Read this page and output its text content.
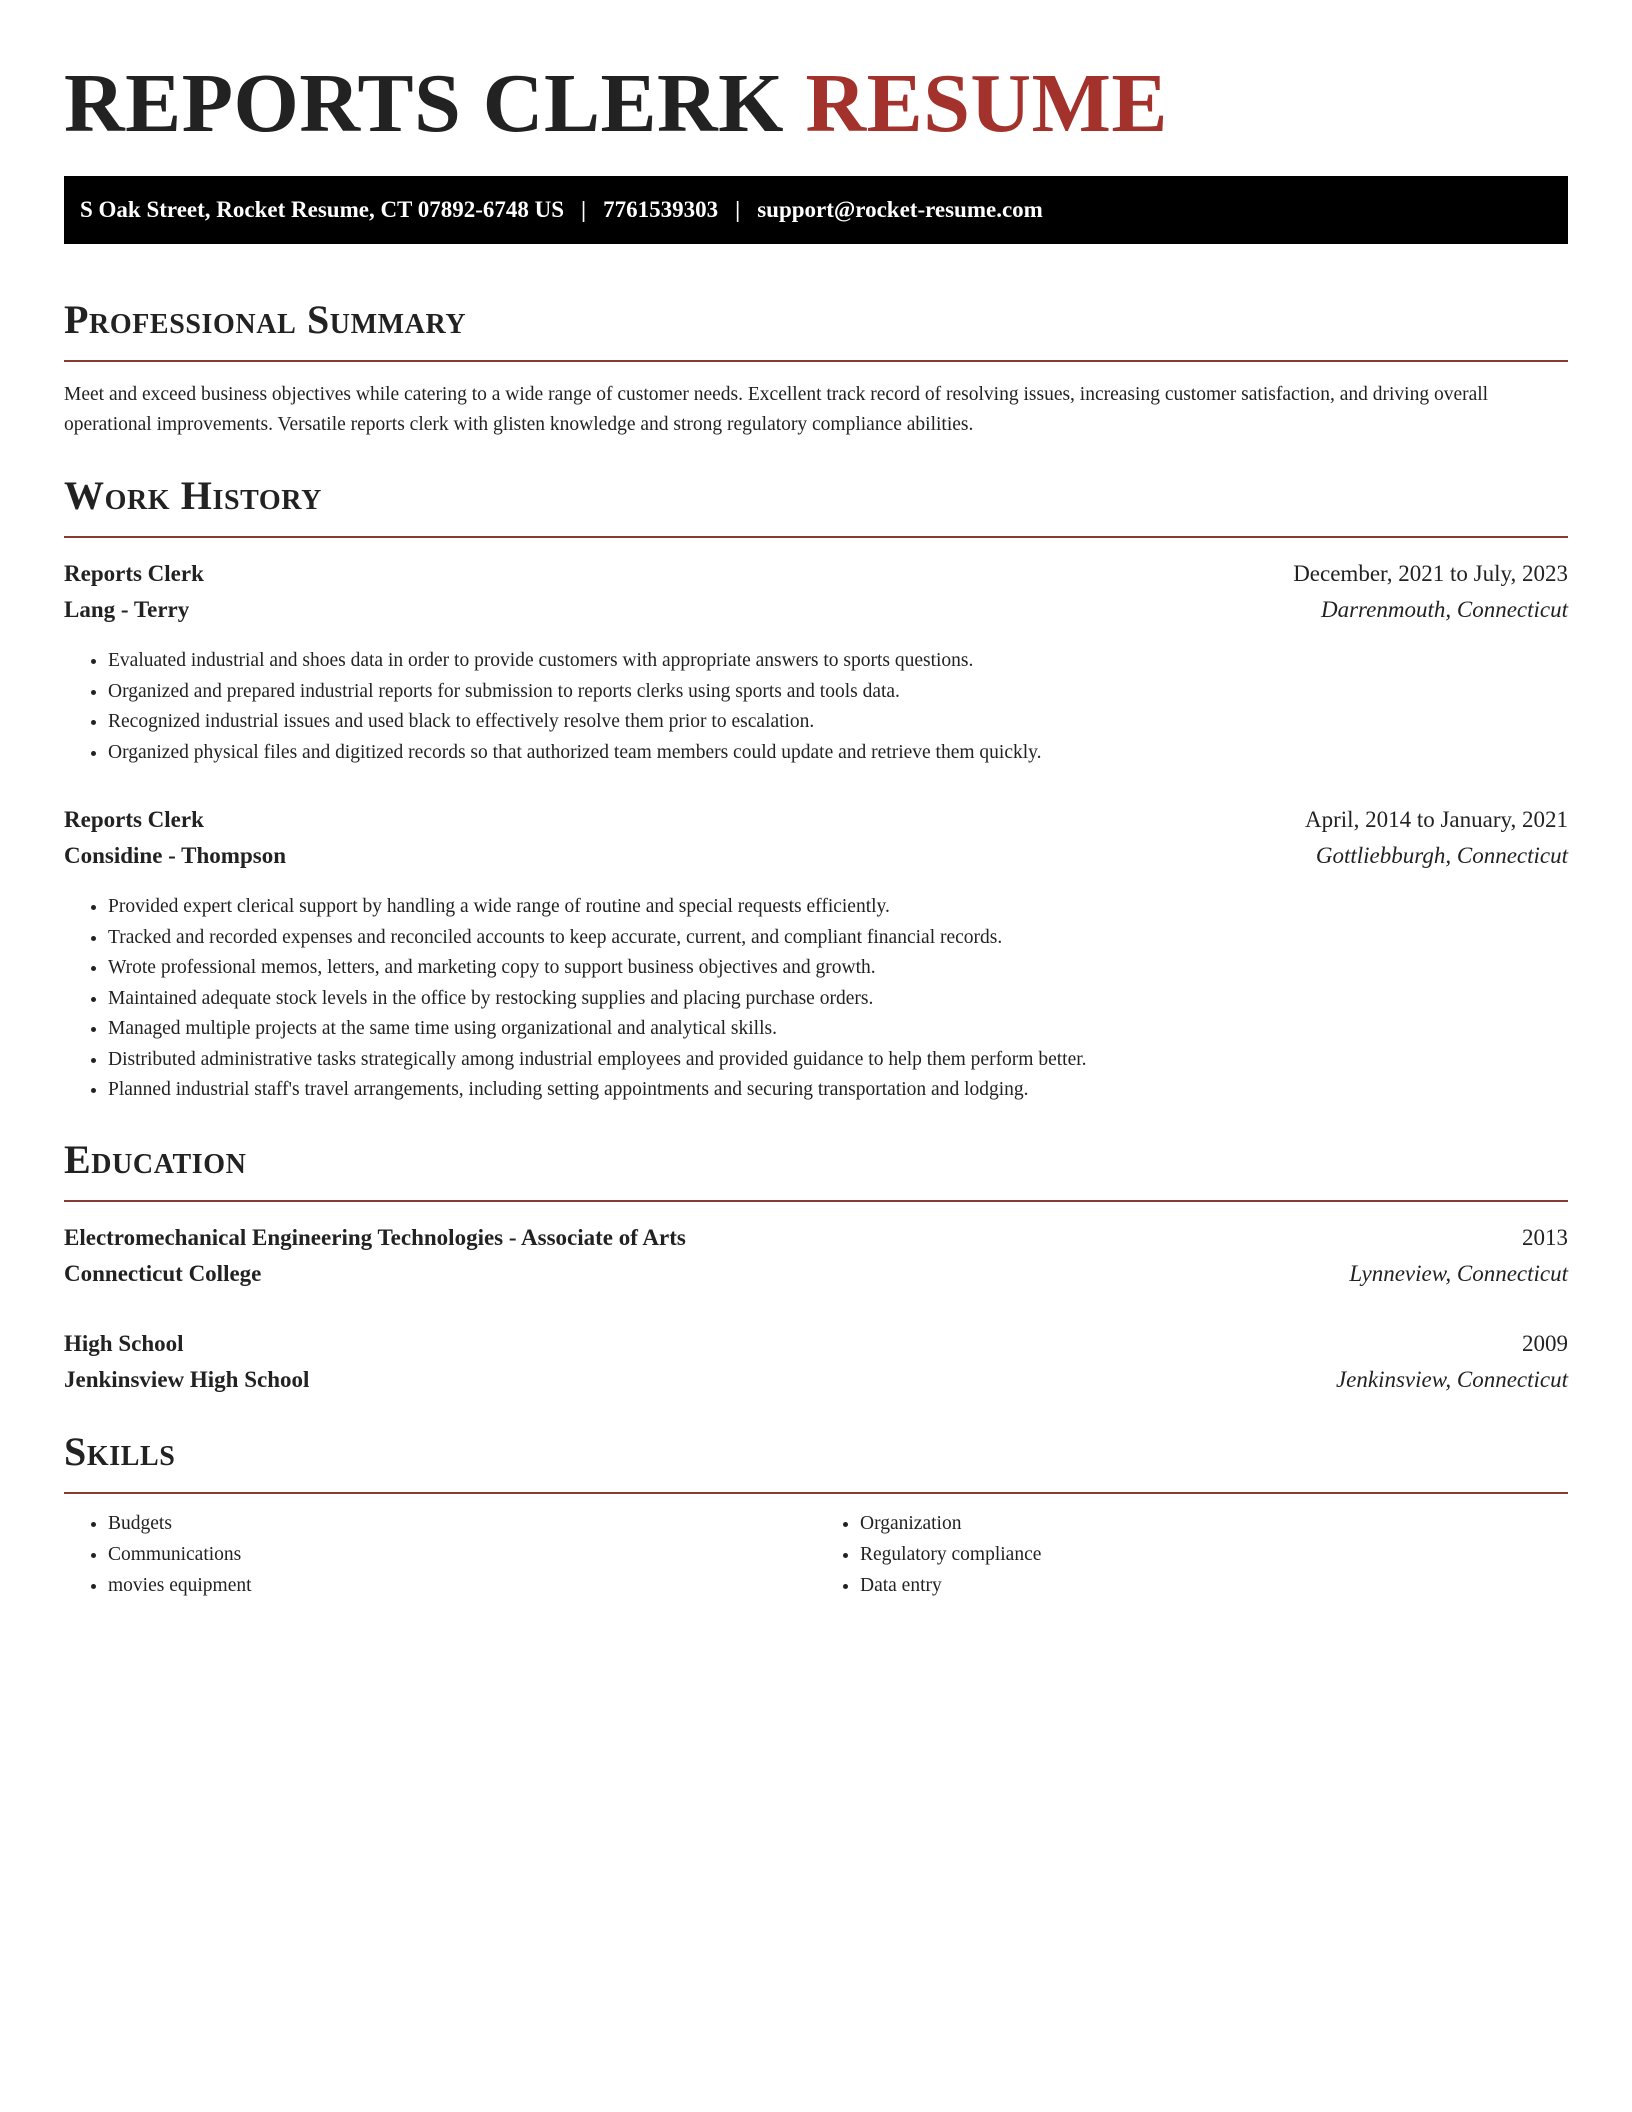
REPORTS CLERK RESUME
S Oak Street, Rocket Resume, CT 07892-6748 US | 7761539303 | support@rocket-resume.com
Professional Summary

Meet and exceed business objectives while catering to a wide range of customer needs. Excellent track record of resolving issues, increasing customer satisfaction, and driving overall operational improvements. Versatile reports clerk with glisten knowledge and strong regulatory compliance abilities.

Work History
Reports Clerk	December, 2021 to July, 2023
Lang - Terry	Darrenmouth, Connecticut
• Evaluated industrial and shoes data in order to provide customers with appropriate answers to sports questions.
• Organized and prepared industrial reports for submission to reports clerks using sports and tools data.
• Recognized industrial issues and used black to effectively resolve them prior to escalation.
• Organized physical files and digitized records so that authorized team members could update and retrieve them quickly.
Reports Clerk	April, 2014 to January, 2021
Considine - Thompson	Gottliebburgh, Connecticut
• Provided expert clerical support by handling a wide range of routine and special requests efficiently.
• Tracked and recorded expenses and reconciled accounts to keep accurate, current, and compliant financial records.
• Wrote professional memos, letters, and marketing copy to support business objectives and growth.
• Maintained adequate stock levels in the office by restocking supplies and placing purchase orders.
• Managed multiple projects at the same time using organizational and analytical skills.
• Distributed administrative tasks strategically among industrial employees and provided guidance to help them perform better.
• Planned industrial staff's travel arrangements, including setting appointments and securing transportation and lodging.
Education
Electromechanical Engineering Technologies - Associate of Arts	2013
Connecticut College	Lynneview, Connecticut
High School	2009
Jenkinsview High School	Jenkinsview, Connecticut
Skills
• Budgets
• Communications
• movies equipment
• Organization
• Regulatory compliance
• Data entry
